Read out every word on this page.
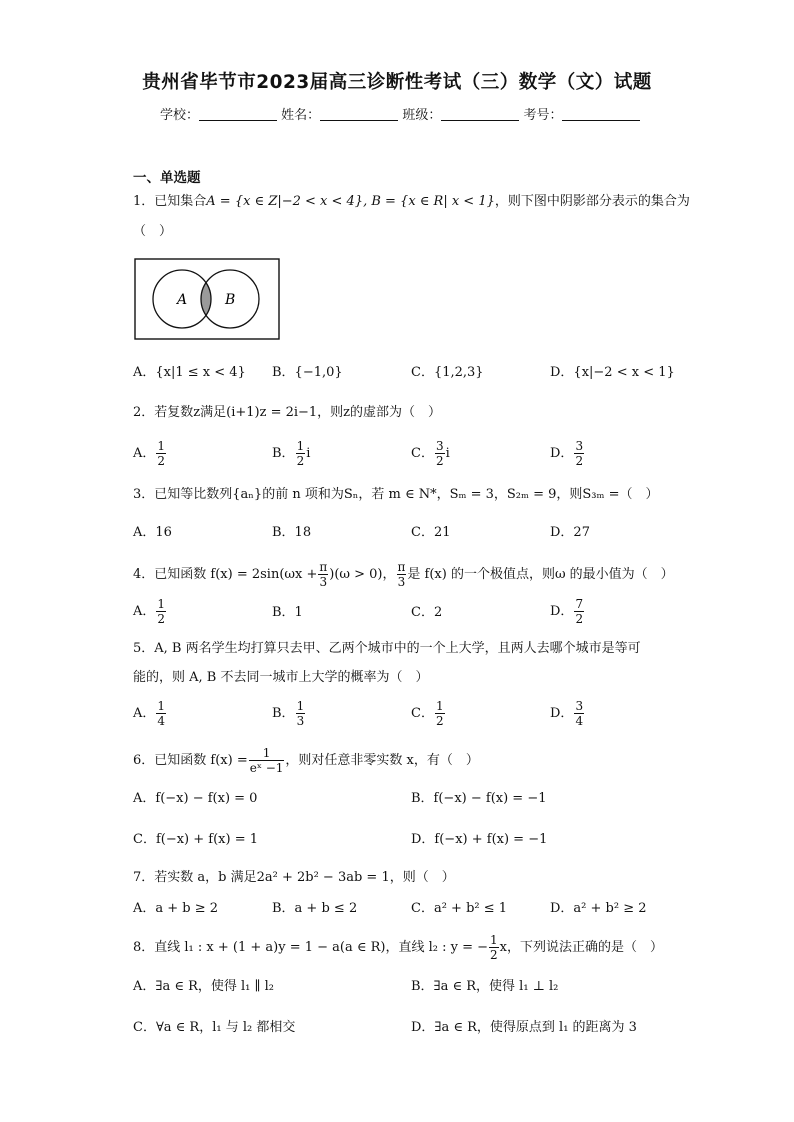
贵州省毕节市2023届高三诊断性考试（三）数学（文）试题
学校：	姓名：	班级：	考号：
一、单选题
1．已知集合A = {x ∈ Z|−2 < x < 4}, B = {x ∈ R| x < 1}，则下图中阴影部分表示的集合为
（　）
A	B
A．{x|1 ≤ x < 4} B．{−1,0}	C．{1,2,3}	D．{x|−2 < x < 1}
2．若复数z满足(i+1)z = 2i−1，则z的虚部为（　）
A． $\frac{1}{2}$	B． $\frac{1}{2}$ i	C． $\frac{3}{2}$ i	D． $\frac{3}{2}$
3．已知等比数列{aₙ}的前 n 项和为Sₙ，若 m ∈ N*，Sₘ = 3，S₂ₘ = 9，则S₃ₘ =（　）
A．16	B．18	C．21	D．27
4．已知函数 $f(x) = 2\sin(\omega x + \frac{\pi}{3} )(\omega > 0)$， $\frac{\pi}{3}$ 是 f(x) 的一个极值点，则ω 的最小值为（　）
A． $\frac{1}{2}$	B．1	C．2	D． $\frac{7}{2}$
5．A, B 两名学生均打算只去甲、乙两个城市中的一个上大学，且两人去哪个城市是等可
能的，则 A, B 不去同一城市上大学的概率为（　）
A． $\frac{1}{4}$	B． $\frac{1}{3}$	C． $\frac{1}{2}$	D． $\frac{3}{4}$
6．已知函数 $f(x) = \frac{1}{\text{eˣ −1}}$ ，则对任意非零实数 x，有（　）
A．f(−x) − f(x) = 0	B．f(−x) − f(x) = −1
C．f(−x) + f(x) = 1	D．f(−x) + f(x) = −1
7．若实数 a，b 满足2a² + 2b² − 3ab = 1，则（　）
A．a + b ≥ 2	B．a + b ≤ 2	C．a² + b² ≤ 1	D．a² + b² ≥ 2
8．直线 l₁ : x + (1 + a)y = 1 − a(a ∈ R)，直线 l₂ : y = − $\frac{1}{2}$ x，下列说法正确的是（　）
A．∃a ∈ R，使得 l₁ ∥ l₂	B．∃a ∈ R，使得 l₁ ⊥ l₂
C．∀a ∈ R，l₁ 与 l₂ 都相交	D．∃a ∈ R，使得原点到 l₁ 的距离为 3
